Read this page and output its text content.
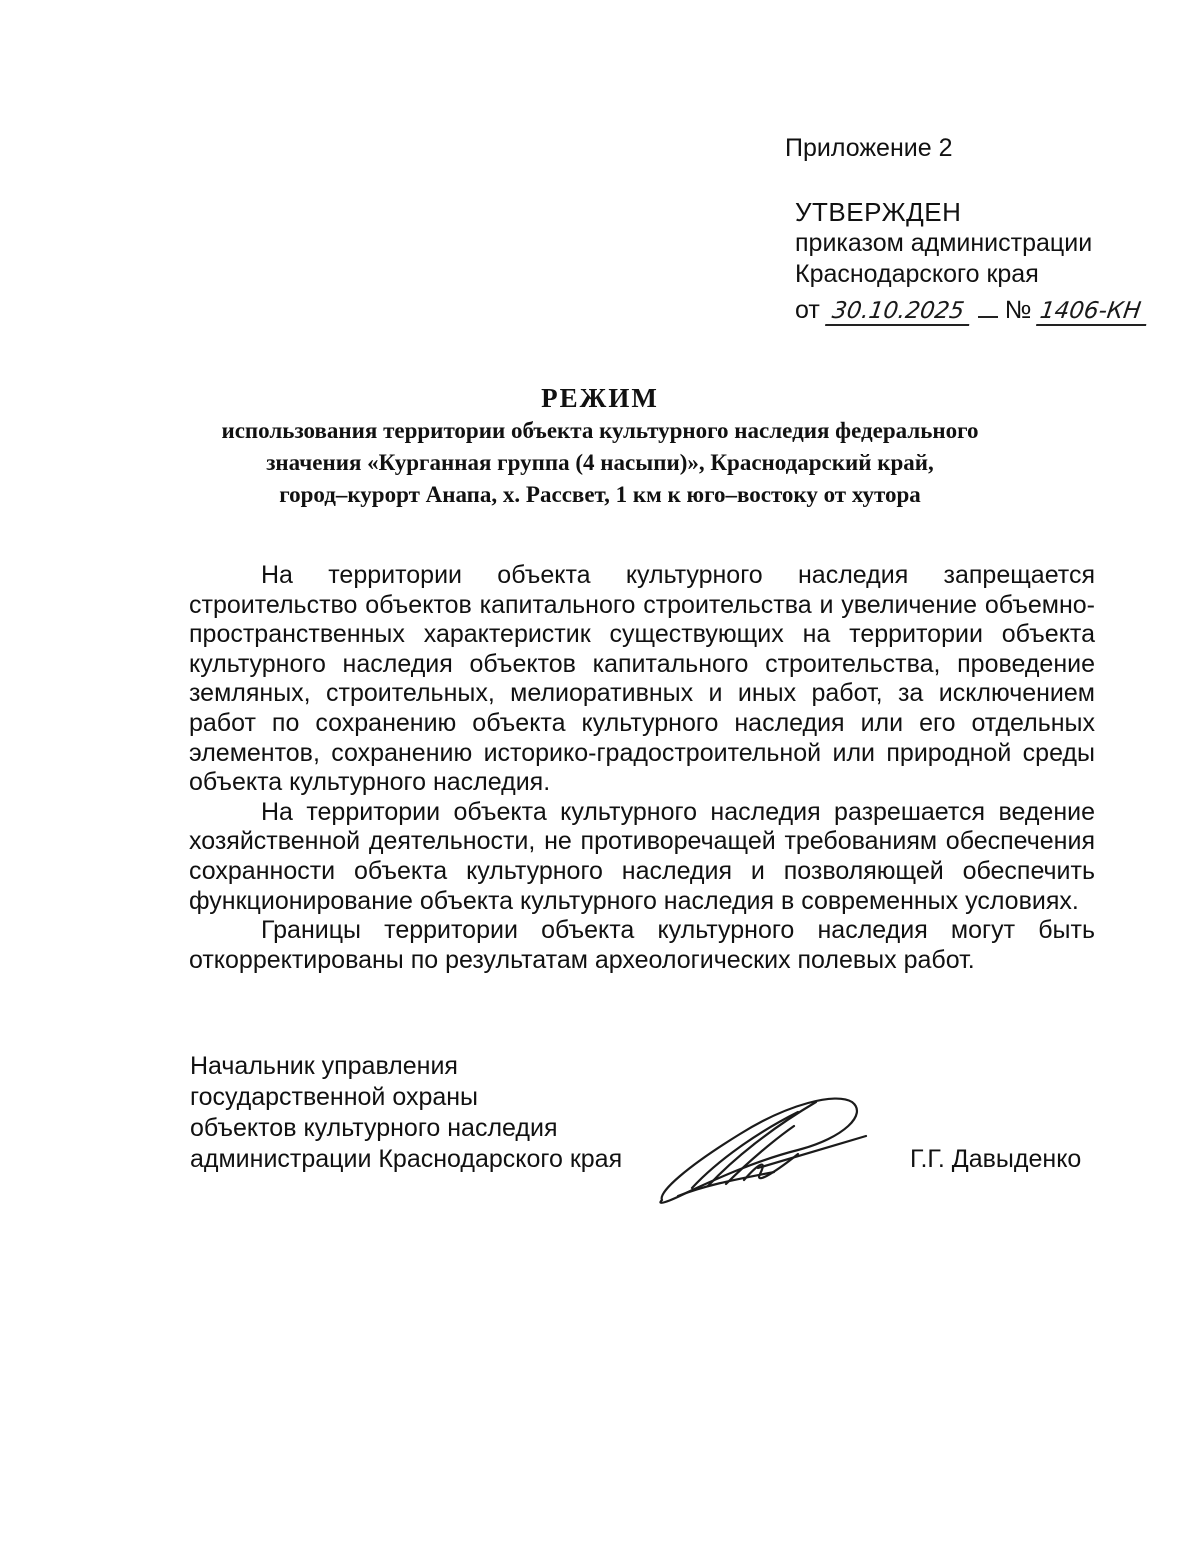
Приложение 2
УТВЕРЖДЕН
приказом администрации
Краснодарского края
от 30.10.2025 № 1406-КН
РЕЖИМ
использования территории объекта культурного наследия федерального
значения «Курганная группа (4 насыпи)», Краснодарский край,
город–курорт Анапа, х. Рассвет, 1 км к юго–востоку от хутора

На территории объекта культурного наследия запрещается строительство объектов капитального строительства и увеличение объемно-пространственных характеристик существующих на территории объекта культурного наследия объектов капитального строительства, проведение земляных, строительных, мелиоративных и иных работ, за исключением работ по сохранению объекта культурного наследия или его отдельных элементов, сохранению историко-градостроительной или природной среды объекта культурного наследия.

На территории объекта культурного наследия разрешается ведение хозяйственной деятельности, не противоречащей требованиям обеспечения сохранности объекта культурного наследия и позволяющей обеспечить функционирование объекта культурного наследия в современных условиях.

Границы территории объекта культурного наследия могут быть откорректированы по результатам археологических полевых работ.

Начальник управления
государственной охраны
объектов культурного наследия
администрации Краснодарского края	Г.Г. Давыденко
